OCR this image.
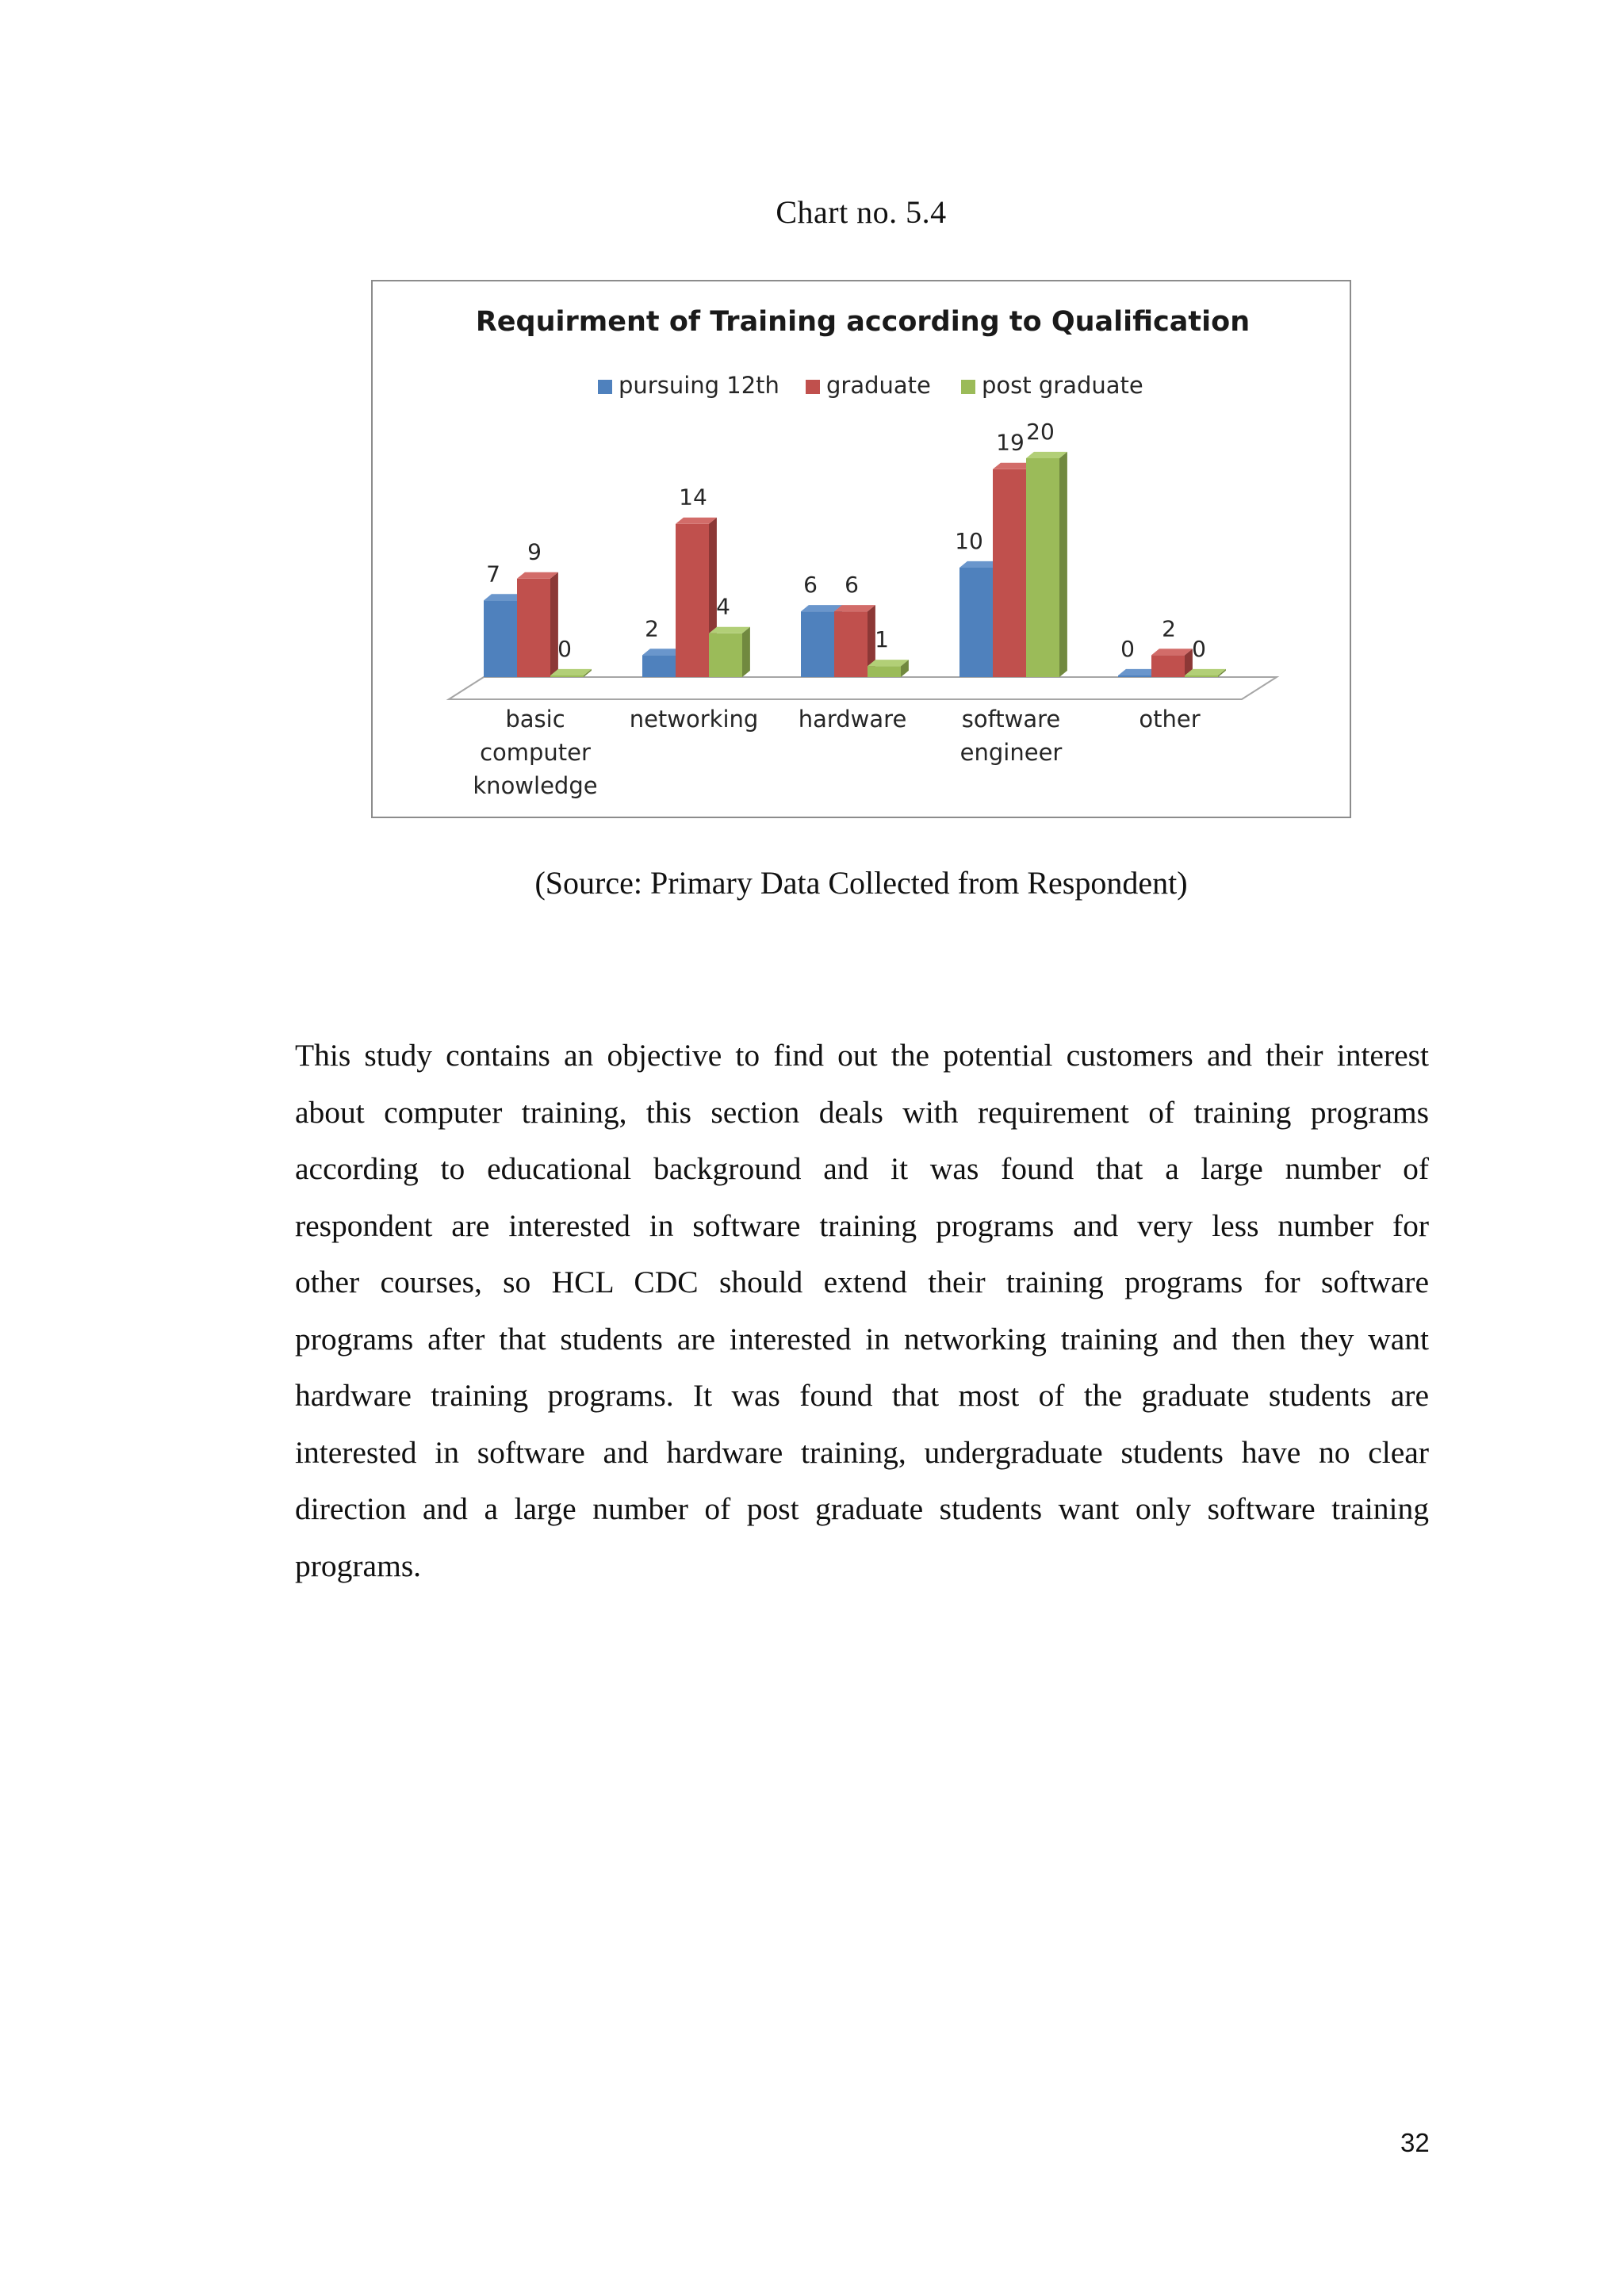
Chart no. 5.4
Requirment of Training according to Qualification
pursuing 12th graduate post graduate
7
9
0
basic
computer
knowledge
2
14
4
networking
6 6
1
hardware
10
19 20
software
engineer
0
2
0
other
(Source: Primary Data Collected from Respondent)
This study contains an objective to find out the potential customers and their interest about computer training, this section deals with requirement of training programs according to educational background and it was found that a large number of respondent are interested in software training programs and very less number for other courses, so HCL CDC should extend their training programs for software programs after that students are interested in networking training and then they want hardware training programs. It was found that most of the graduate students are interested in software and hardware training, undergraduate students have no clear direction and a large number of post graduate students want only software training programs.
32
